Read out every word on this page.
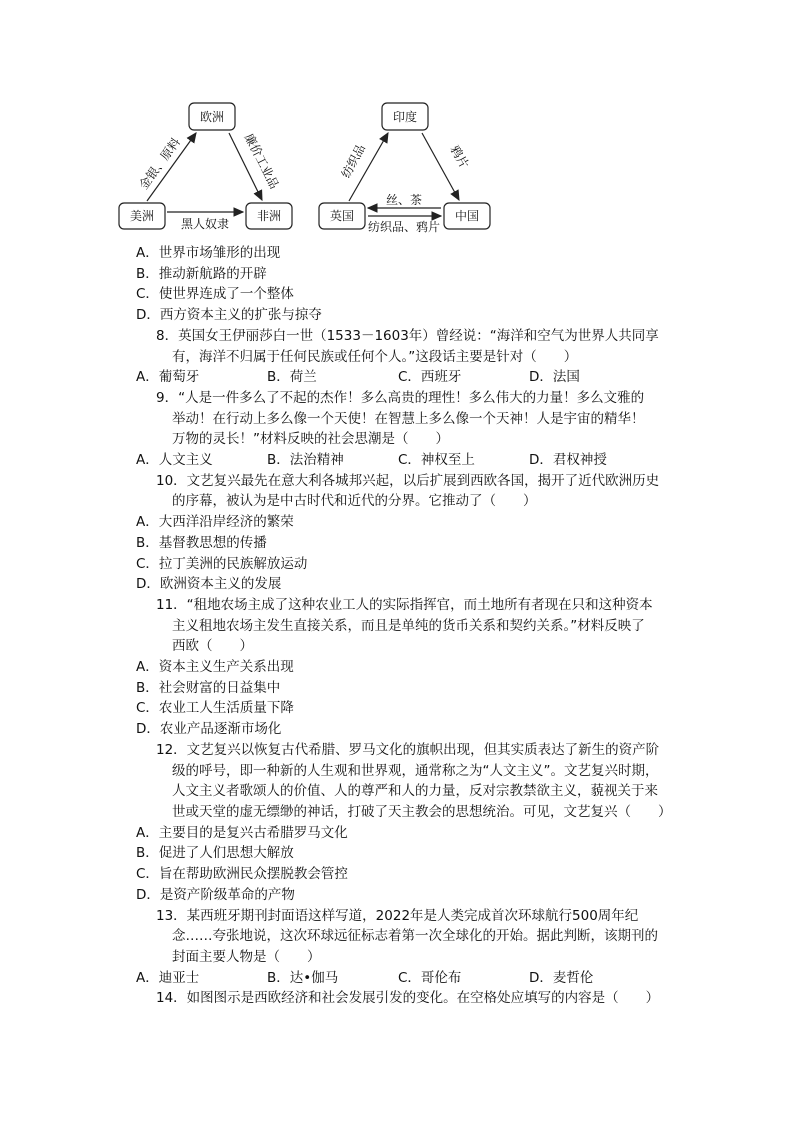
欧洲
美洲	非洲
金银、原料	廉价工业品
黑人奴隶
印度
英国	中国
纺织品	鸦片
丝、茶
纺织品、鸦片
A．世界市场雏形的出现
B．推动新航路的开辟
C．使世界连成了一个整体
D．西方资本主义的扩张与掠夺
8．英国女王伊丽莎白一世（1533－1603年）曾经说：“海洋和空气为世界人共同享
有，海洋不归属于任何民族或任何个人。”这段话主要是针对（　　）
A．葡萄牙	B．荷兰	C．西班牙	D．法国
9．“人是一件多么了不起的杰作！多么高贵的理性！多么伟大的力量！多么文雅的
举动！在行动上多么像一个天使！在智慧上多么像一个天神！人是宇宙的精华！
万物的灵长！”材料反映的社会思潮是（　　）
A．人文主义	B．法治精神	C．神权至上	D．君权神授
10．文艺复兴最先在意大利各城邦兴起，以后扩展到西欧各国，揭开了近代欧洲历史
的序幕，被认为是中古时代和近代的分界。它推动了（　　）
A．大西洋沿岸经济的繁荣
B．基督教思想的传播
C．拉丁美洲的民族解放运动
D．欧洲资本主义的发展
11．“租地农场主成了这种农业工人的实际指挥官，而土地所有者现在只和这种资本
主义租地农场主发生直接关系，而且是单纯的货币关系和契约关系。”材料反映了
西欧（　　）
A．资本主义生产关系出现
B．社会财富的日益集中
C．农业工人生活质量下降
D．农业产品逐渐市场化
12．文艺复兴以恢复古代希腊、罗马文化的旗帜出现，但其实质表达了新生的资产阶
级的呼号，即一种新的人生观和世界观，通常称之为“人文主义”。文艺复兴时期，
人文主义者歌颂人的价值、人的尊严和人的力量，反对宗教禁欲主义，藐视关于来
世或天堂的虚无缥缈的神话，打破了天主教会的思想统治。可见，文艺复兴（　　）
A．主要目的是复兴古希腊罗马文化
B．促进了人们思想大解放
C．旨在帮助欧洲民众摆脱教会管控
D．是资产阶级革命的产物
13．某西班牙期刊封面语这样写道，2022年是人类完成首次环球航行500周年纪
念……夸张地说，这次环球远征标志着第一次全球化的开始。据此判断，该期刊的
封面主要人物是（　　）
A．迪亚士	B．达•伽马	C．哥伦布	D．麦哲伦
14．如图图示是西欧经济和社会发展引发的变化。在空格处应填写的内容是（　　）
